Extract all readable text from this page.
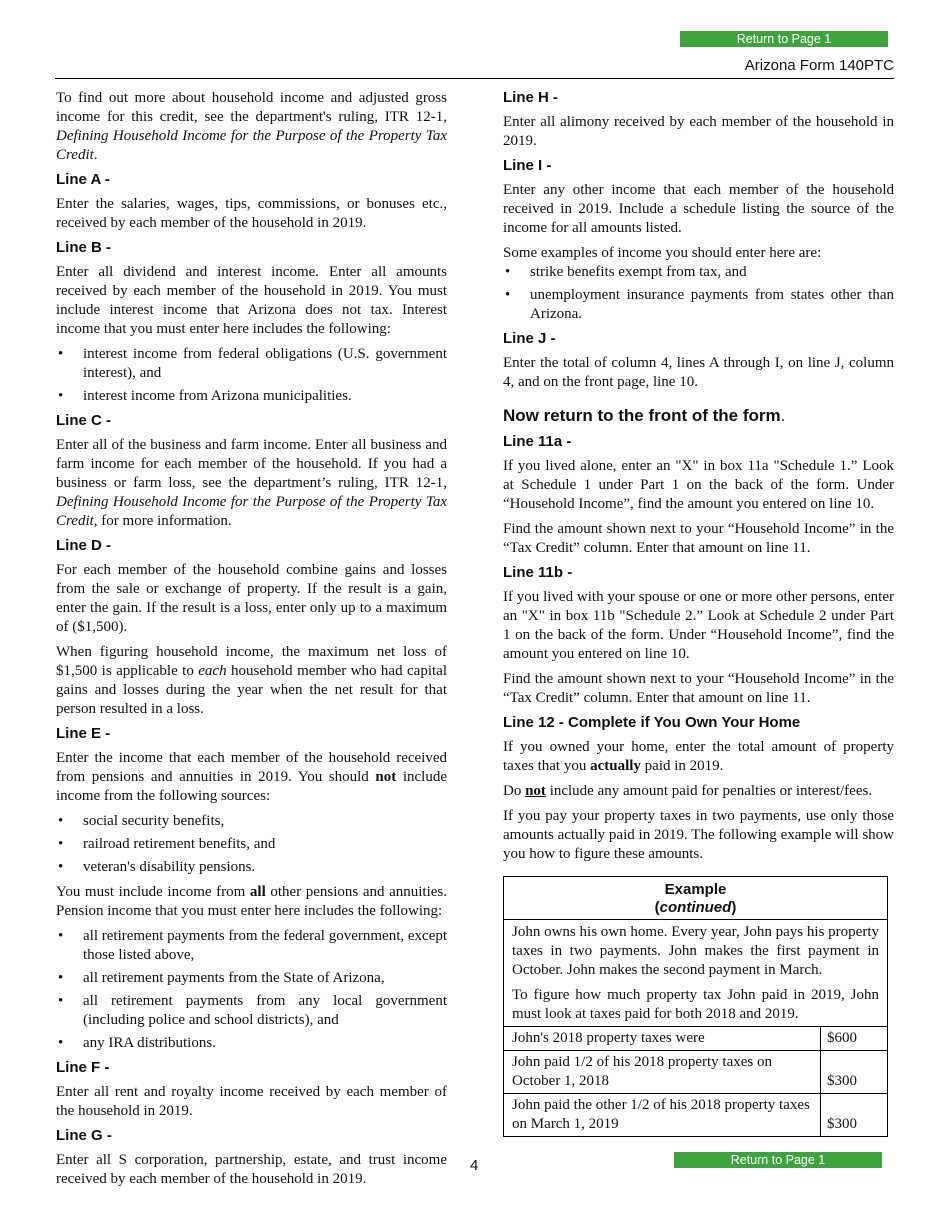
Return to Page 1
Arizona Form 140PTC

To find out more about household income and adjusted gross income for this credit, see the department's ruling, ITR 12-1, Defining Household Income for the Purpose of the Property Tax Credit.

Line A -

Enter the salaries, wages, tips, commissions, or bonuses etc., received by each member of the household in 2019.

Line B -

Enter all dividend and interest income. Enter all amounts received by each member of the household in 2019. You must include interest income that Arizona does not tax. Interest income that you must enter here includes the following:

• interest income from federal obligations (U.S. government interest), and
• interest income from Arizona municipalities.
Line C -

Enter all of the business and farm income. Enter all business and farm income for each member of the household. If you had a business or farm loss, see the department’s ruling, ITR 12-1, Defining Household Income for the Purpose of the Property Tax Credit, for more information.

Line D -

For each member of the household combine gains and losses from the sale or exchange of property. If the result is a gain, enter the gain. If the result is a loss, enter only up to a maximum of ($1,500).

When figuring household income, the maximum net loss of $1,500 is applicable to each household member who had capital gains and losses during the year when the net result for that person resulted in a loss.

Line E -

Enter the income that each member of the household received from pensions and annuities in 2019. You should not include income from the following sources:

• social security benefits,
• railroad retirement benefits, and
• veteran's disability pensions.

You must include income from all other pensions and annuities. Pension income that you must enter here includes the following:

• all retirement payments from the federal government, except those listed above,
• all retirement payments from the State of Arizona,
• all retirement payments from any local government (including police and school districts), and
• any IRA distributions.
Line F -

Enter all rent and royalty income received by each member of the household in 2019.

Line G -

Enter all S corporation, partnership, estate, and trust income received by each member of the household in 2019.

Line H -

Enter all alimony received by each member of the household in 2019.

Line I -

Enter any other income that each member of the household received in 2019. Include a schedule listing the source of the income for all amounts listed.

Some examples of income you should enter here are:

• strike benefits exempt from tax, and
• unemployment insurance payments from states other than Arizona.
Line J -

Enter the total of column 4, lines A through I, on line J, column 4, and on the front page, line 10.

Now return to the front of the form.
Line 11a -

If you lived alone, enter an "X" in box 11a "Schedule 1.” Look at Schedule 1 under Part 1 on the back of the form. Under “Household Income”, find the amount you entered on line 10.

Find the amount shown next to your “Household Income” in the “Tax Credit” column. Enter that amount on line 11.

Line 11b -

If you lived with your spouse or one or more other persons, enter an "X" in box 11b "Schedule 2.” Look at Schedule 2 under Part 1 on the back of the form. Under “Household Income”, find the amount you entered on line 10.

Find the amount shown next to your “Household Income” in the “Tax Credit” column. Enter that amount on line 11.

Line 12 - Complete if You Own Your Home

If you owned your home, enter the total amount of property taxes that you actually paid in 2019.

Do not include any amount paid for penalties or interest/fees.

If you pay your property taxes in two payments, use only those amounts actually paid in 2019. The following example will show you how to figure these amounts.

Example
(continued)

John owns his own home. Every year, John pays his property taxes in two payments. John makes the first payment in October. John makes the second payment in March.

To figure how much property tax John paid in 2019, John must look at taxes paid for both 2018 and 2019.

John's 2018 property taxes were	$600
John paid 1/2 of his 2018 property taxes on October 1, 2018	$300
John paid the other 1/2 of his 2018 property taxes on March 1, 2019	$300
4	Return to Page 1
